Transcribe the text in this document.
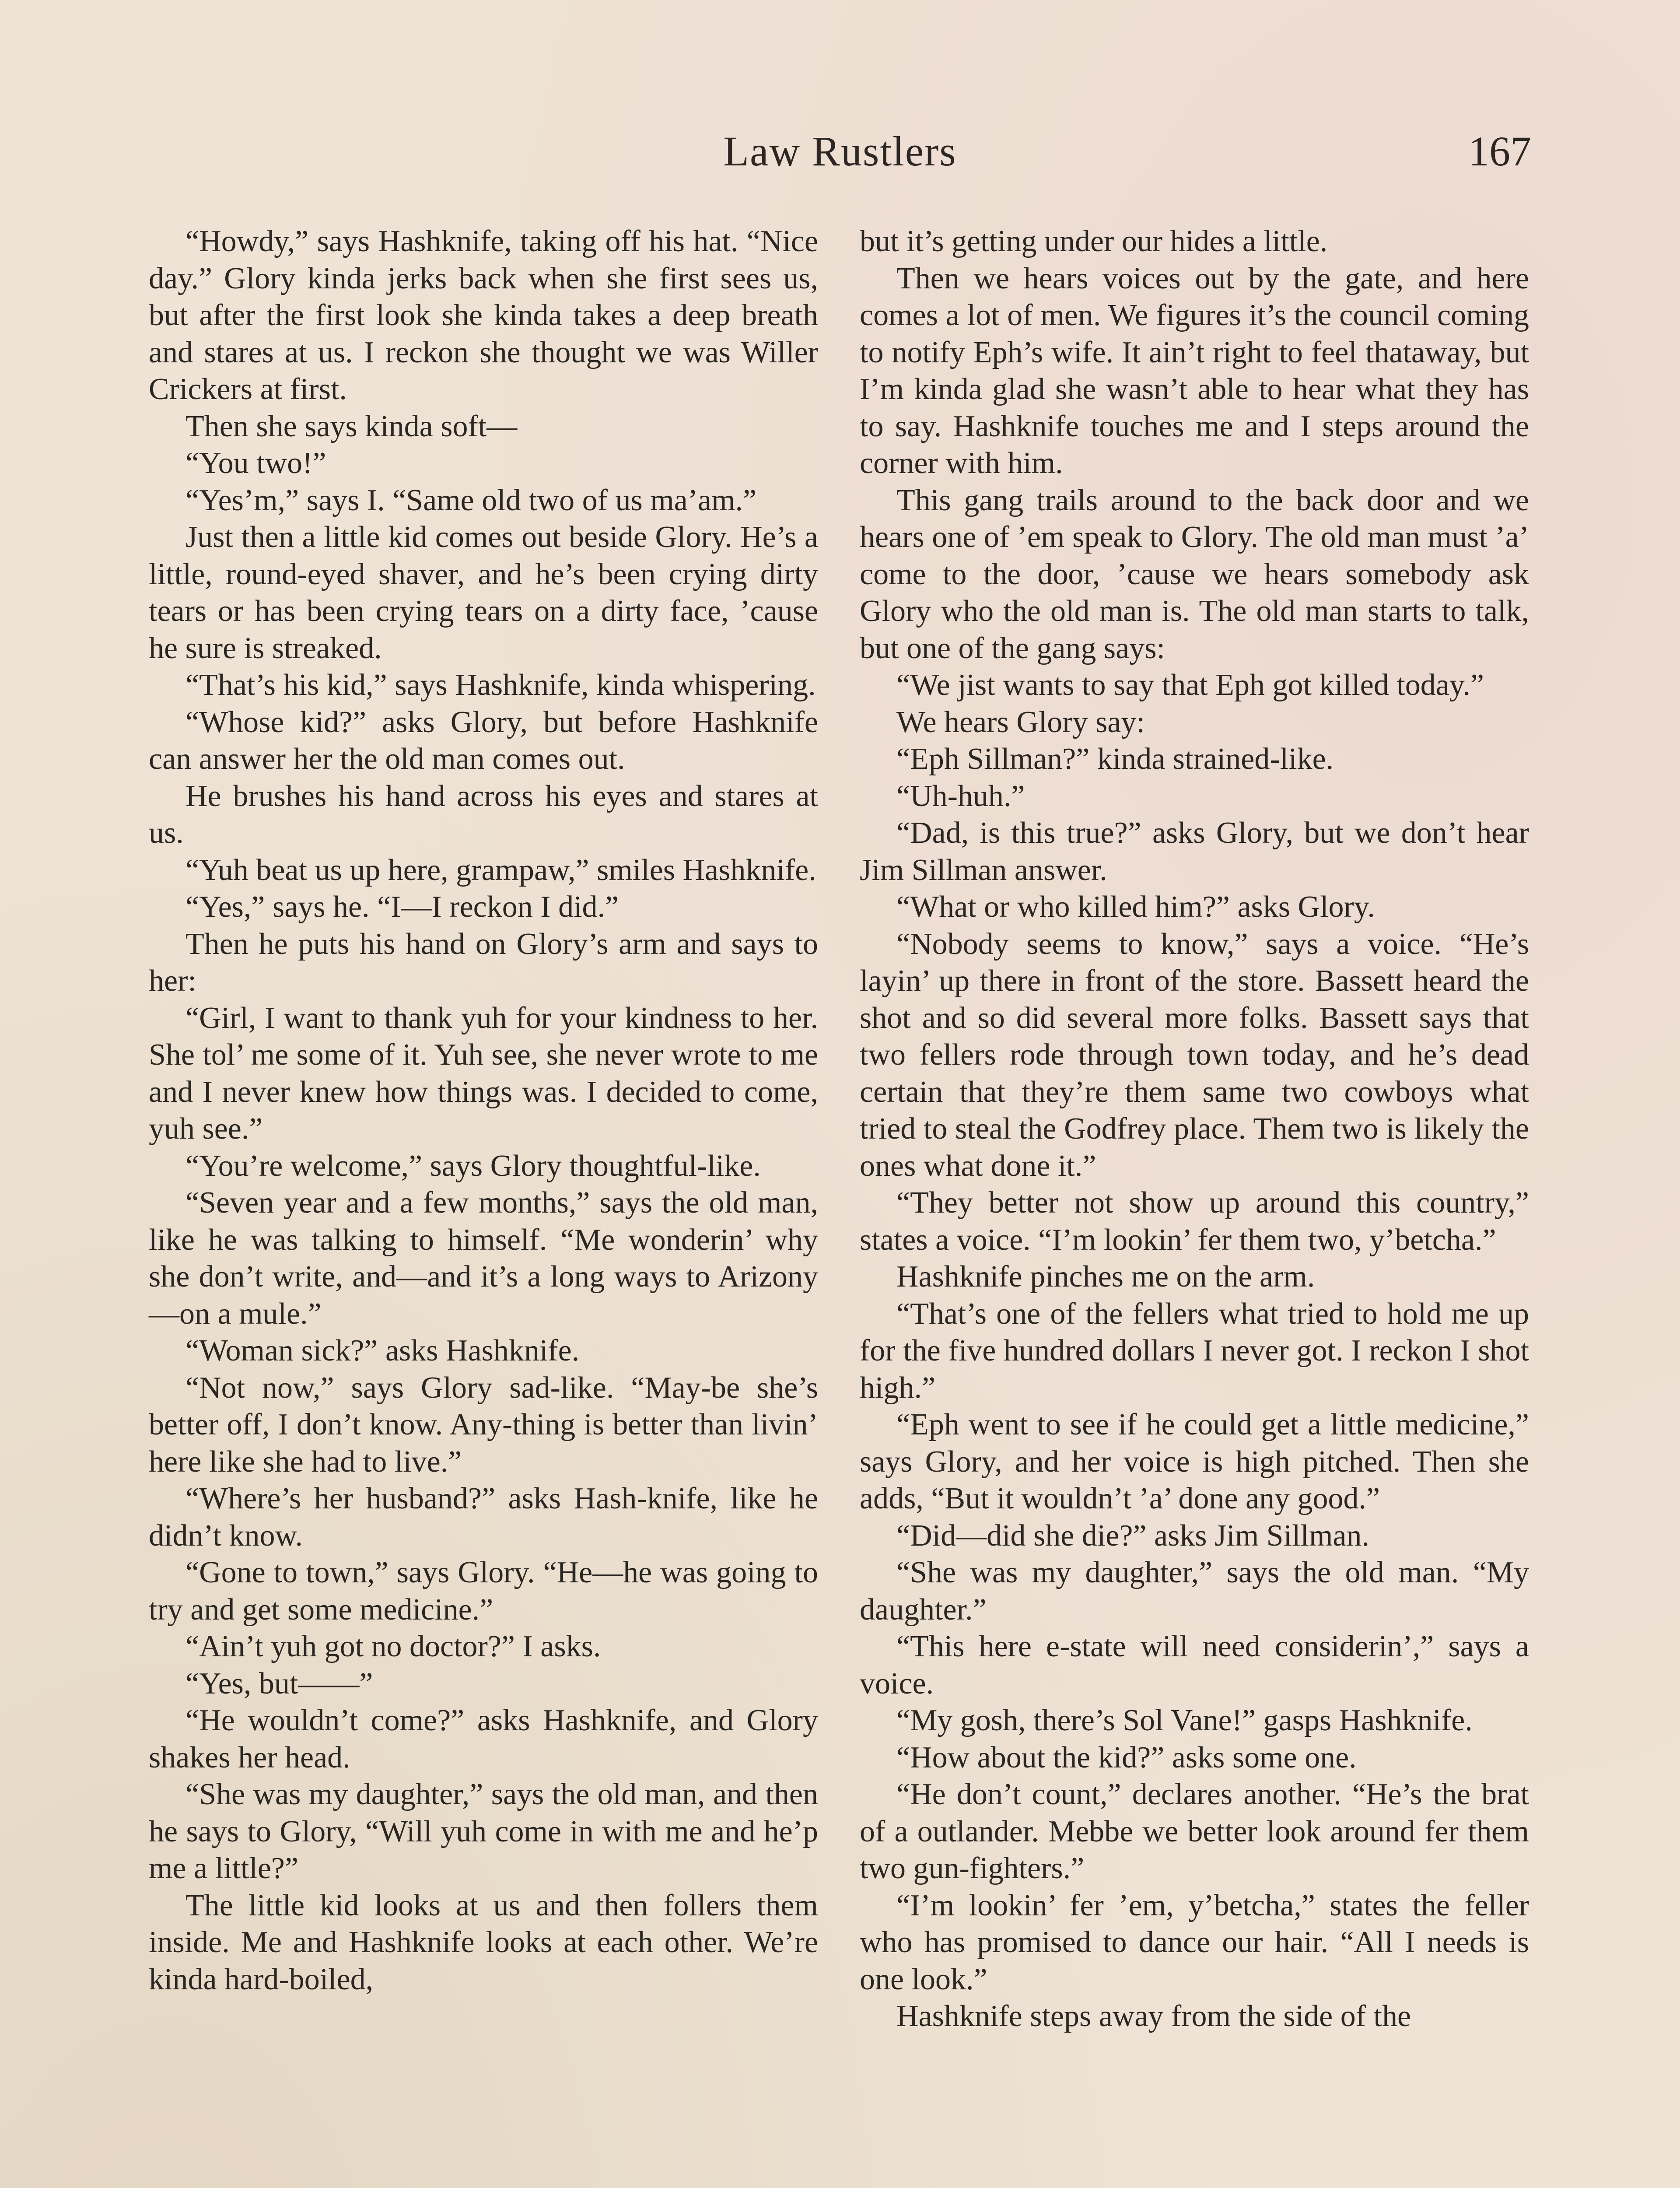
Law Rustlers	167

“Howdy,” says Hashknife, taking off his hat. “Nice day.” Glory kinda jerks back when she first sees us, but after the first look she kinda takes a deep breath and stares at us. I reckon she thought we was Willer Crickers at first.

Then she says kinda soft—

“You two!”

“Yes’m,” says I. “Same old two of us ma’am.”

Just then a little kid comes out beside Glory. He’s a little, round-eyed shaver, and he’s been crying dirty tears or has been crying tears on a dirty face, ’cause he sure is streaked.

“That’s his kid,” says Hashknife, kinda whispering.

“Whose kid?” asks Glory, but before Hashknife can answer her the old man comes out.

He brushes his hand across his eyes and stares at us.

“Yuh beat us up here, grampaw,” smiles Hashknife.

“Yes,” says he. “I—I reckon I did.”

Then he puts his hand on Glory’s arm and says to her:

“Girl, I want to thank yuh for your kindness to her. She tol’ me some of it. Yuh see, she never wrote to me and I never knew how things was. I decided to come, yuh see.”

“You’re welcome,” says Glory thoughtful-like.

“Seven year and a few months,” says the old man, like he was talking to himself. “Me wonderin’ why she don’t write, and—and it’s a long ways to Arizony—on a mule.”

“Woman sick?” asks Hashknife.

“Not now,” says Glory sad-like. “May-be she’s better off, I don’t know. Any-thing is better than livin’ here like she had to live.”

“Where’s her husband?” asks Hash-knife, like he didn’t know.

“Gone to town,” says Glory. “He—he was going to try and get some medicine.”

“Ain’t yuh got no doctor?” I asks.

“Yes, but——”

“He wouldn’t come?” asks Hashknife, and Glory shakes her head.

“She was my daughter,” says the old man, and then he says to Glory, “Will yuh come in with me and he’p me a little?”

The little kid looks at us and then follers them inside. Me and Hashknife looks at each other. We’re kinda hard-boiled,

but it’s getting under our hides a little.

Then we hears voices out by the gate, and here comes a lot of men. We figures it’s the council coming to notify Eph’s wife. It ain’t right to feel thataway, but I’m kinda glad she wasn’t able to hear what they has to say. Hashknife touches me and I steps around the corner with him.

This gang trails around to the back door and we hears one of ’em speak to Glory. The old man must ’a’ come to the door, ’cause we hears somebody ask Glory who the old man is. The old man starts to talk, but one of the gang says:

“We jist wants to say that Eph got killed today.”

We hears Glory say:

“Eph Sillman?” kinda strained-like.

“Uh-huh.”

“Dad, is this true?” asks Glory, but we don’t hear Jim Sillman answer.

“What or who killed him?” asks Glory.

“Nobody seems to know,” says a voice. “He’s layin’ up there in front of the store. Bassett heard the shot and so did several more folks. Bassett says that two fellers rode through town today, and he’s dead certain that they’re them same two cowboys what tried to steal the Godfrey place. Them two is likely the ones what done it.”

“They better not show up around this country,” states a voice. “I’m lookin’ fer them two, y’betcha.”

Hashknife pinches me on the arm.

“That’s one of the fellers what tried to hold me up for the five hundred dollars I never got. I reckon I shot high.”

“Eph went to see if he could get a little medicine,” says Glory, and her voice is high pitched. Then she adds, “But it wouldn’t ’a’ done any good.”

“Did—did she die?” asks Jim Sillman.

“She was my daughter,” says the old man. “My daughter.”

“This here e-state will need considerin’,” says a voice.

“My gosh, there’s Sol Vane!” gasps Hashknife.

“How about the kid?” asks some one.

“He don’t count,” declares another. “He’s the brat of a outlander. Mebbe we better look around fer them two gun-fighters.”

“I’m lookin’ fer ’em, y’betcha,” states the feller who has promised to dance our hair. “All I needs is one look.”

Hashknife steps away from the side of the
